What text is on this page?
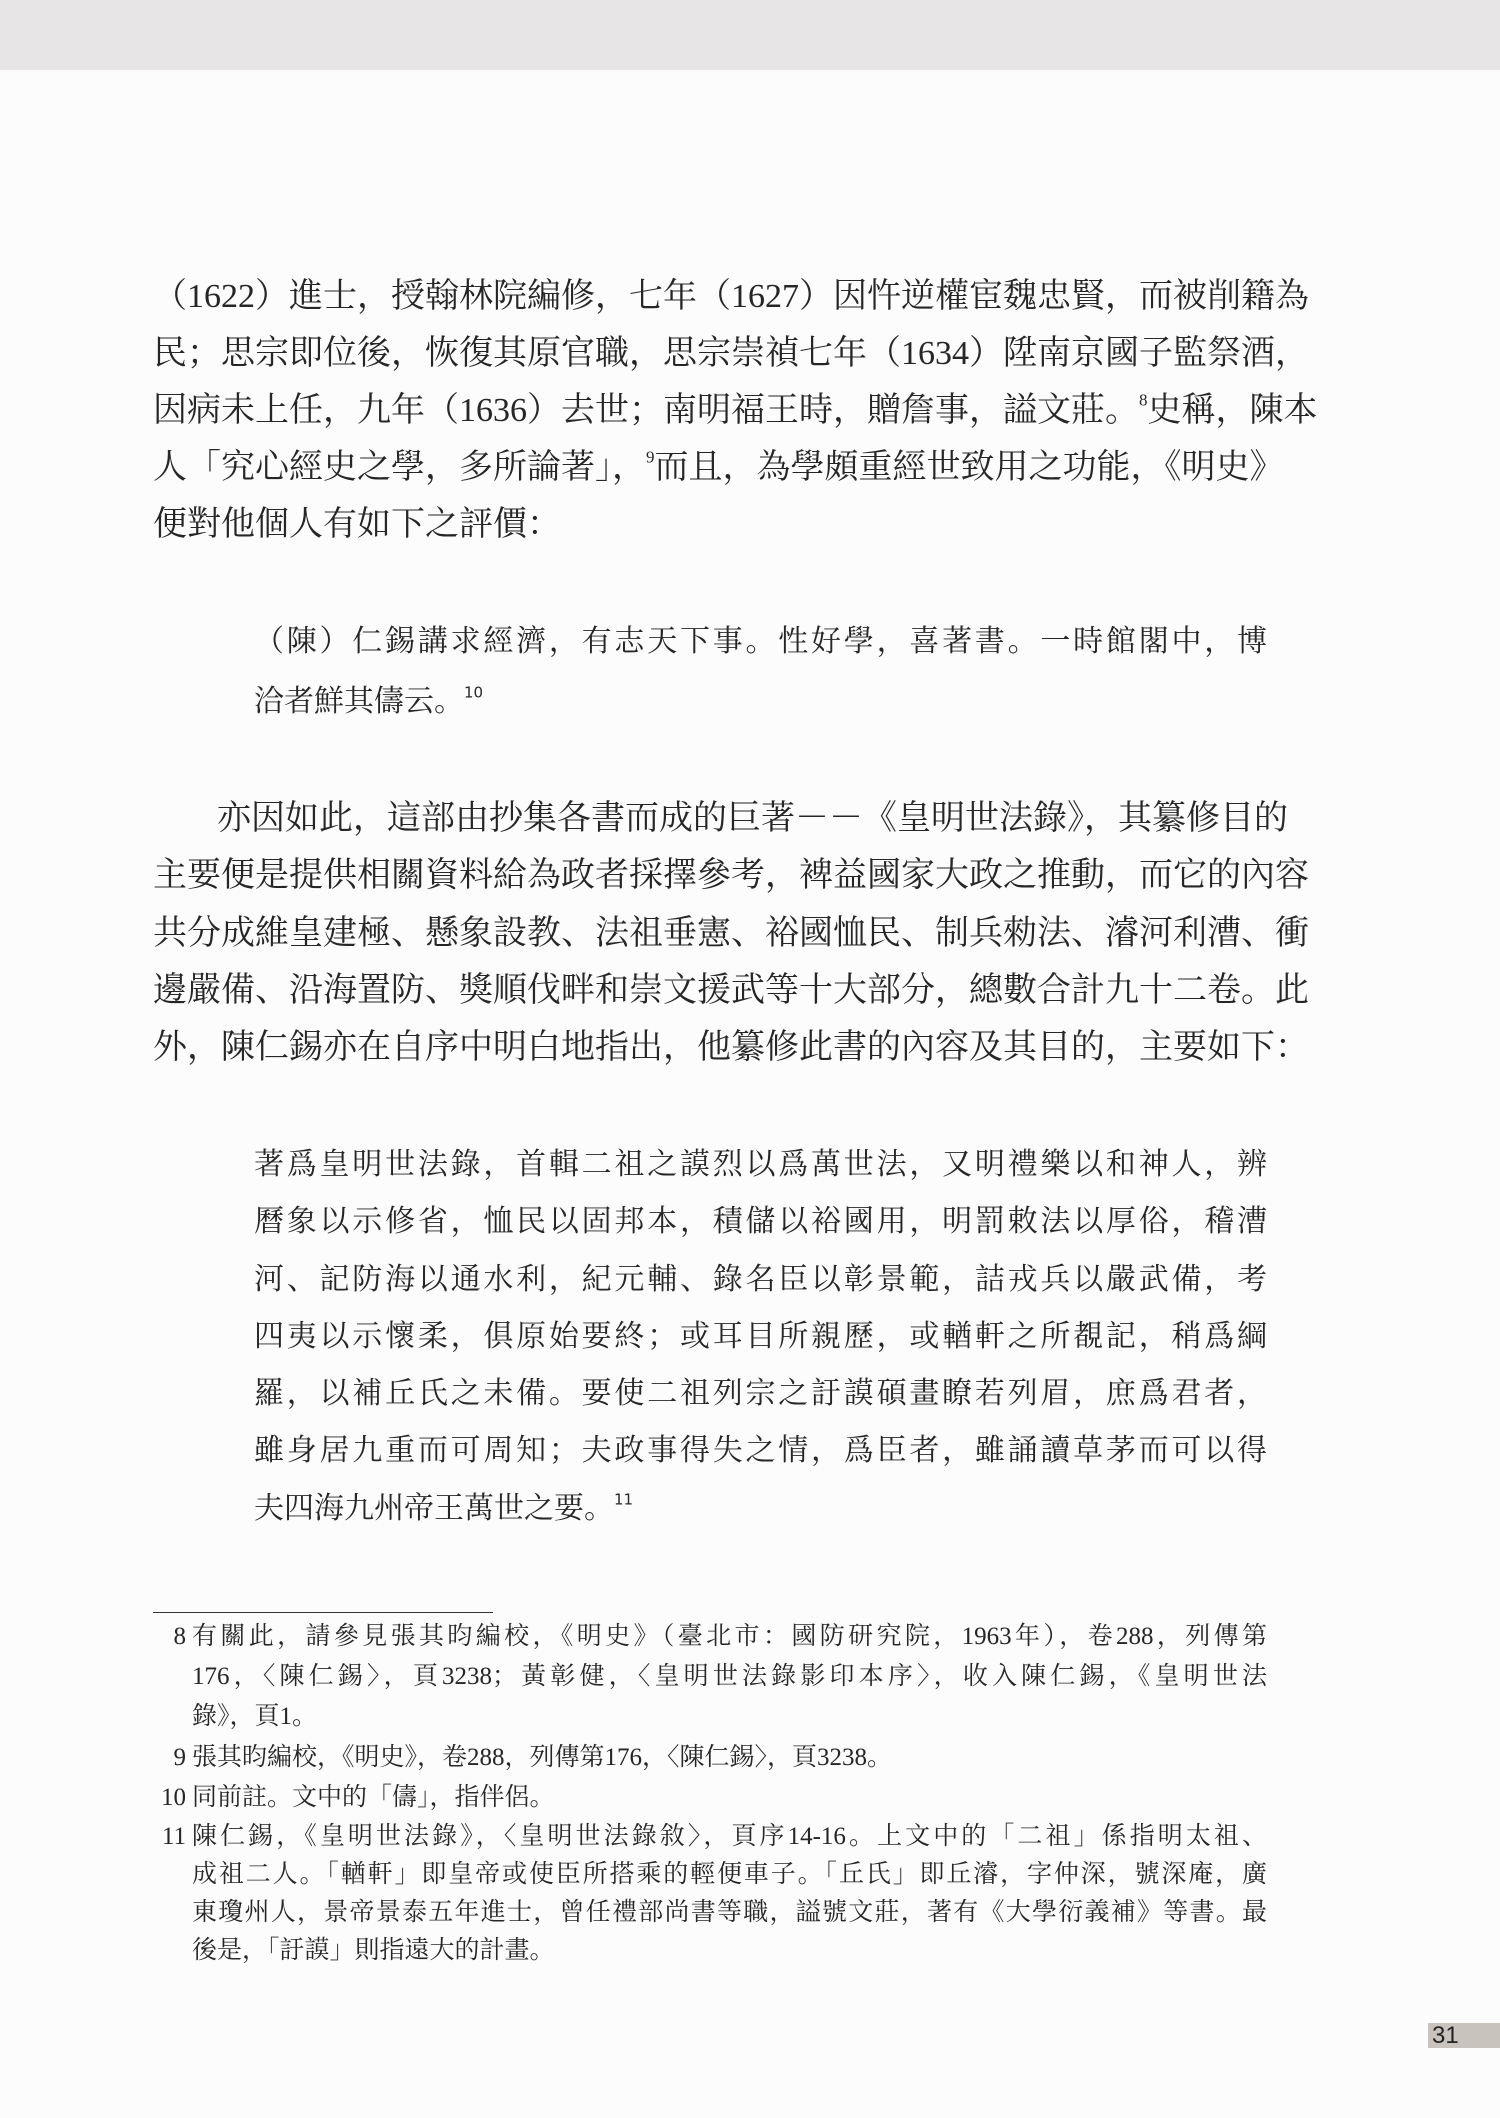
（1622）進士，授翰林院編修，七年（1627）因忤逆權宦魏忠賢，而被削籍為
民；思宗即位後，恢復其原官職，思宗崇禎七年（1634）陞南京國子監祭酒，
因病未上任，九年（1636）去世；南明福王時，贈詹事，謚文莊。$^8$史稱，陳本
人「究心經史之學，多所論著」，$^9$而且，為學頗重經世致用之功能，《明史》
便對他個人有如下之評價：
（陳）仁錫講求經濟，有志天下事。性好學，喜著書。一時館閣中，博
洽者鮮其儔云。$^{10}$
亦因如此，這部由抄集各書而成的巨著－－《皇明世法錄》，其纂修目的
主要便是提供相關資料給為政者採擇參考，裨益國家大政之推動，而它的內容
共分成維皇建極、懸象設教、法祖垂憲、裕國恤民、制兵勑法、濬河利漕、衝
邊嚴備、沿海置防、獎順伐畔和崇文援武等十大部分，總數合計九十二卷。此
外，陳仁錫亦在自序中明白地指出，他纂修此書的內容及其目的，主要如下：
著爲皇明世法錄，首輯二祖之謨烈以爲萬世法，又明禮樂以和神人，辨
曆象以示修省，恤民以固邦本，積儲以裕國用，明罰敕法以厚俗，稽漕
河、記防海以通水利，紀元輔、錄名臣以彰景範，詰戎兵以嚴武備，考
四夷以示懷柔，俱原始要終；或耳目所親歷，或輶軒之所覩記，稍爲綱
羅，以補丘氏之未備。要使二祖列宗之訏謨碩畫瞭若列眉，庶爲君者，
雖身居九重而可周知；夫政事得失之情，爲臣者，雖誦讀草茅而可以得
夫四海九州帝王萬世之要。$^{11}$
8 有關此，請參見張其昀編校，《明史》（臺北市：國防研究院，1963年），卷288，列傳第
176，〈陳仁錫〉，頁3238；黃彰健，〈皇明世法錄影印本序〉，收入陳仁錫，《皇明世法
錄》，頁1。
9 張其昀編校，《明史》，卷288，列傳第176，〈陳仁錫〉，頁3238。
10 同前註。文中的「儔」，指伴侶。
11 陳仁錫，《皇明世法錄》，〈皇明世法錄敘〉，頁序14-16。上文中的「二祖」係指明太祖、
成祖二人。「輶軒」即皇帝或使臣所搭乘的輕便車子。「丘氏」即丘濬，字仲深，號深庵，廣
東瓊州人，景帝景泰五年進士，曾任禮部尚書等職，謚號文莊，著有《大學衍義補》等書。最
後是，「訏謨」則指遠大的計畫。
31
